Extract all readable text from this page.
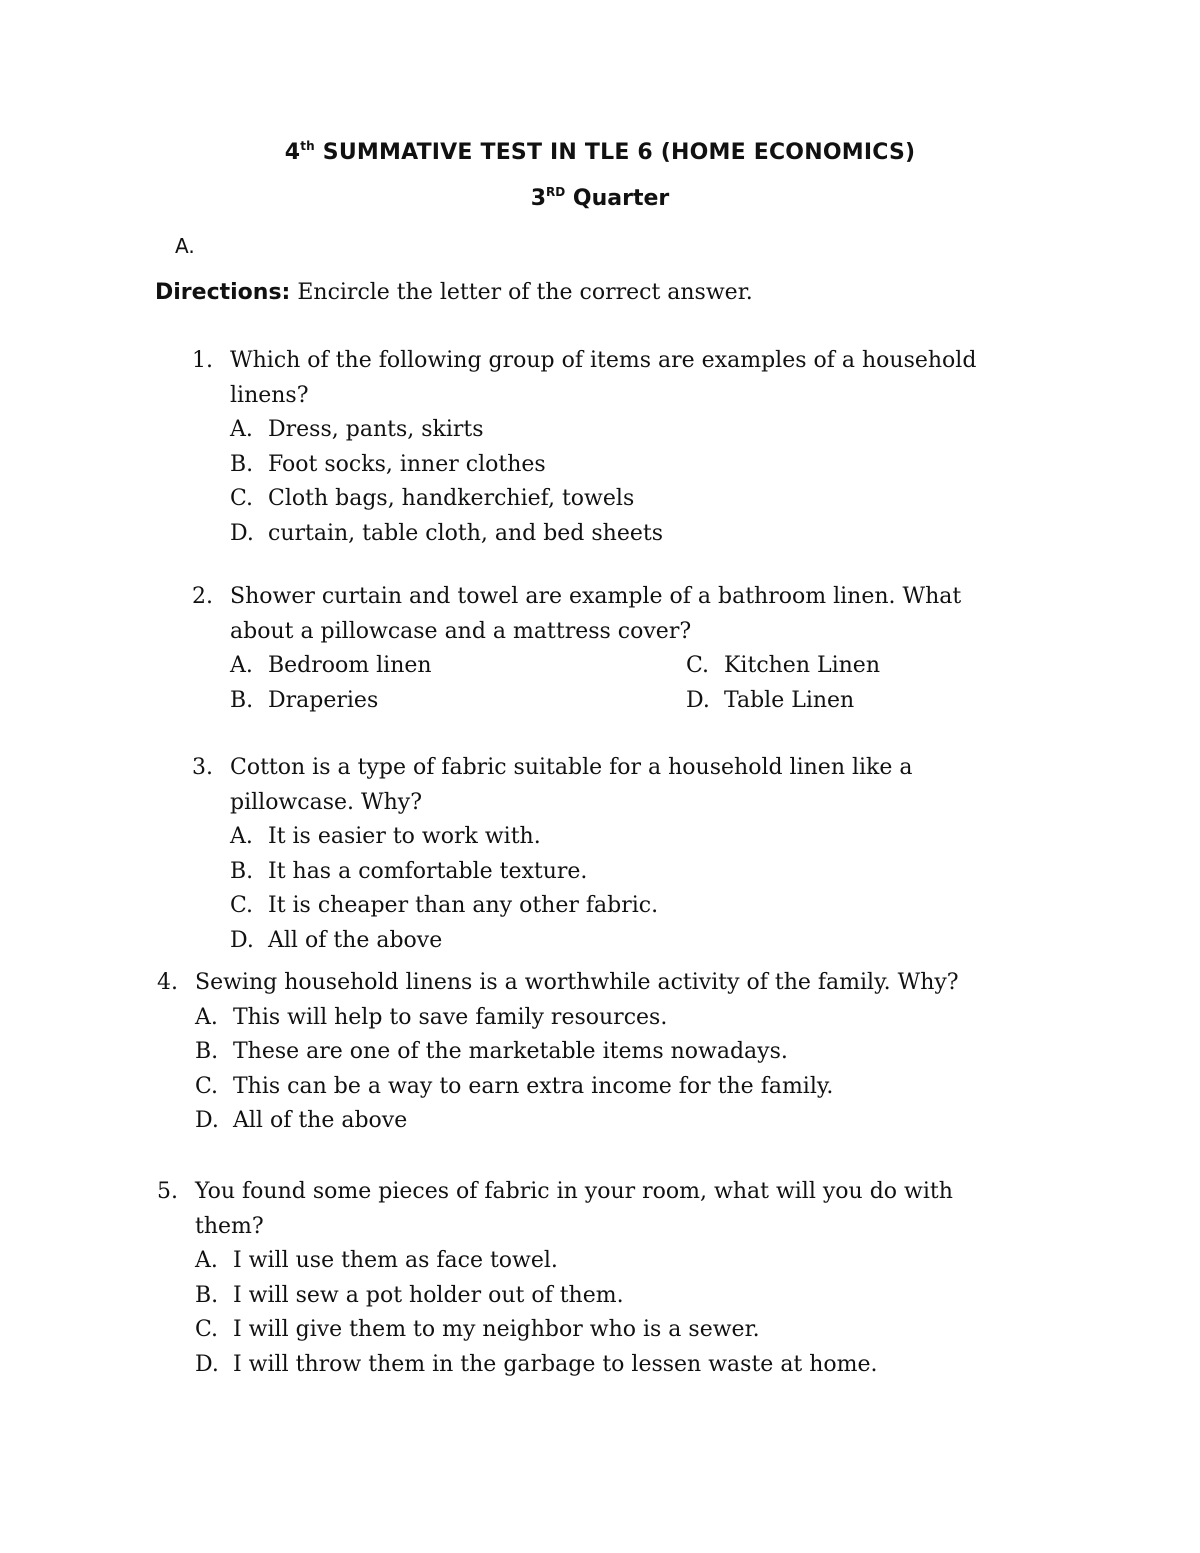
4th SUMMATIVE TEST IN TLE 6 (HOME ECONOMICS)
3RD Quarter
A.
Directions: Encircle the letter of the correct answer.
1. Which of the following group of items are examples of a household
linens?
A. Dress, pants, skirts
B. Foot socks, inner clothes
C. Cloth bags, handkerchief, towels
D. curtain, table cloth, and bed sheets
2. Shower curtain and towel are example of a bathroom linen. What
about a pillowcase and a mattress cover?
A. Bedroom linen	C. Kitchen Linen
B. Draperies	D. Table Linen
3. Cotton is a type of fabric suitable for a household linen like a
pillowcase. Why?
A. It is easier to work with.
B. It has a comfortable texture.
C. It is cheaper than any other fabric.
D. All of the above
4. Sewing household linens is a worthwhile activity of the family. Why?
A. This will help to save family resources.
B. These are one of the marketable items nowadays.
C. This can be a way to earn extra income for the family.
D. All of the above
5. You found some pieces of fabric in your room, what will you do with
them?
A. I will use them as face towel.
B. I will sew a pot holder out of them.
C. I will give them to my neighbor who is a sewer.
D. I will throw them in the garbage to lessen waste at home.
